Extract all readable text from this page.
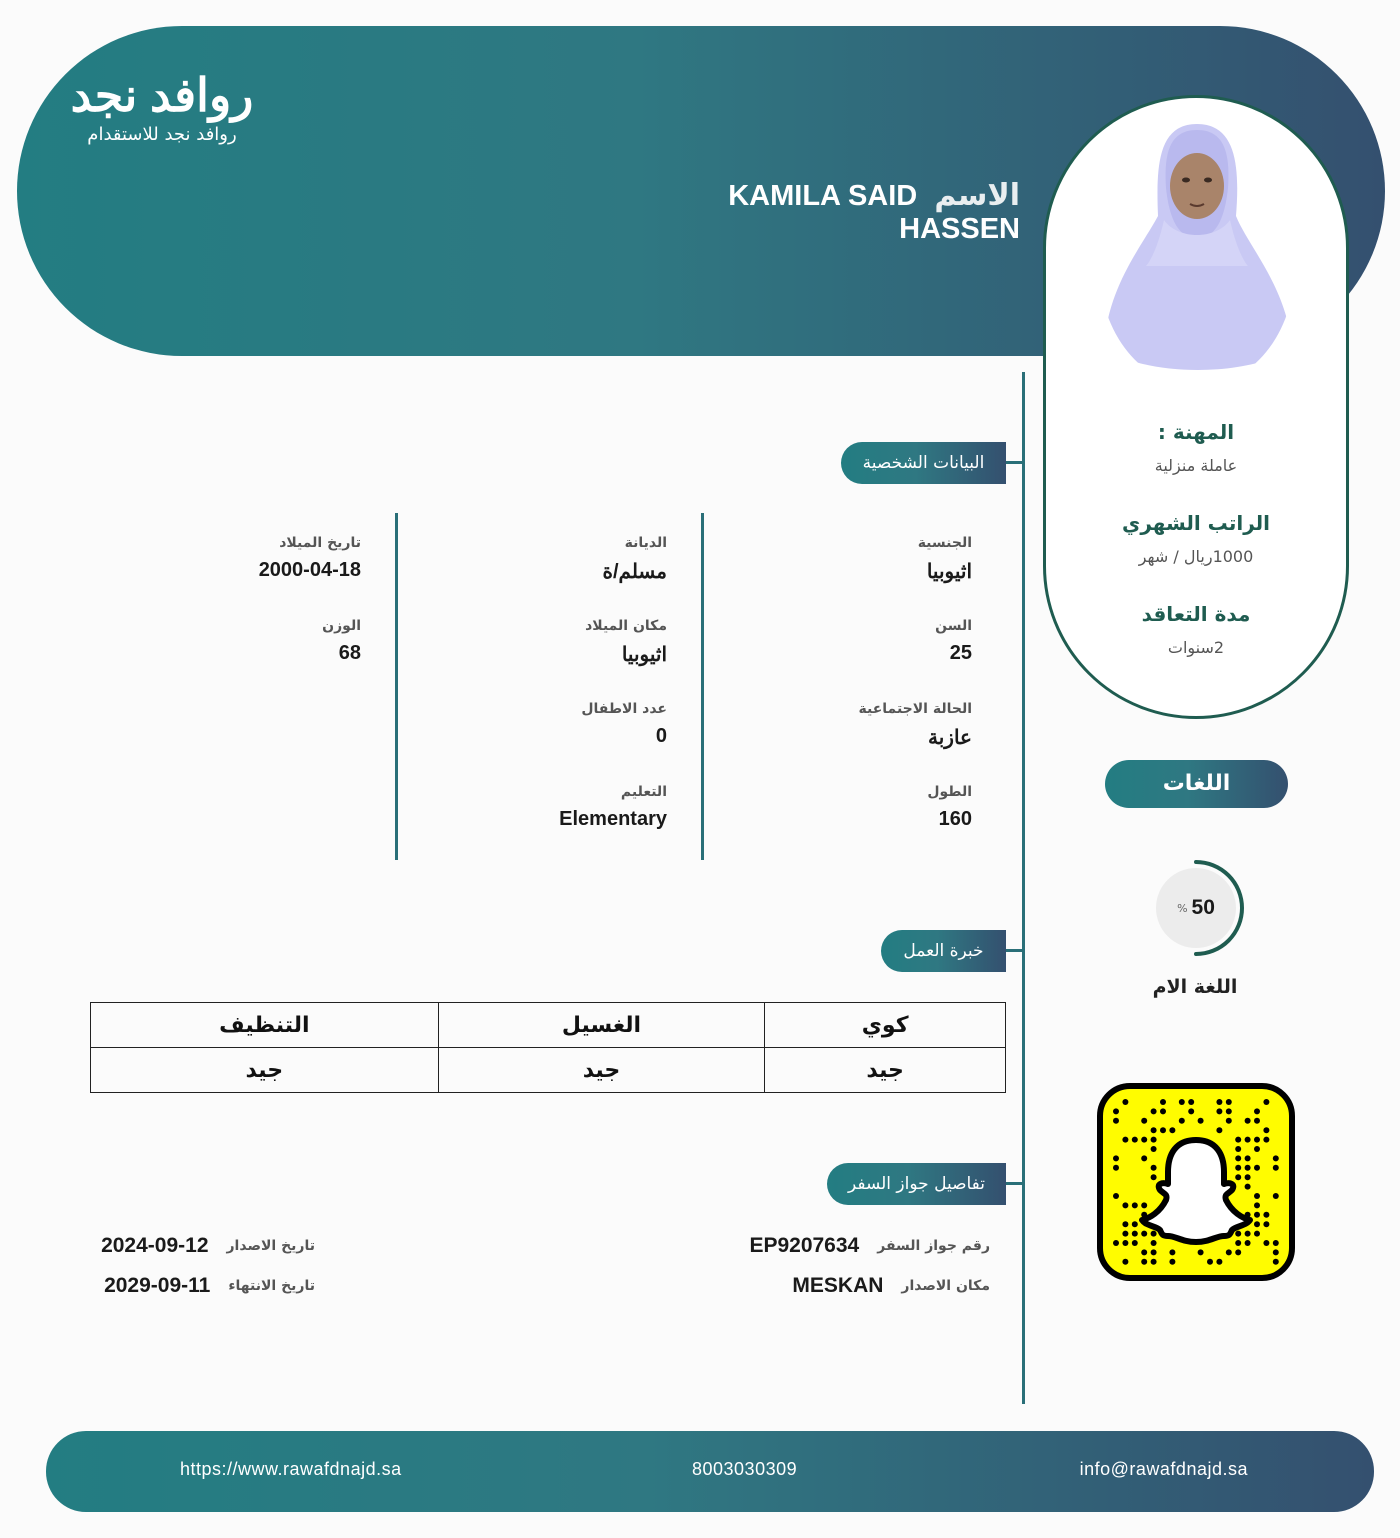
روافد نجد
روافد نجد للاستقدام
الاسم KAMILA SAID HASSEN
المهنة :
عاملة منزلية
الراتب الشهري
1000ريال / شهر
مدة التعاقد
2سنوات
البيانات الشخصية
الجنسية
اثيوبيا
السن
25
الحالة الاجتماعية
عازبة
الطول
160
الديانة
مسلم/ة
مكان الميلاد
اثيوبيا
عدد الاطفال
0
التعليم
Elementary
تاريخ الميلاد
2000-04-18
الوزن
68
خبرة العمل
كوي	الغسيل	التنظيف
جيد	جيد	جيد
تفاصيل جواز السفر
رقم جواز السفر
EP9207634
مكان الاصدار
MESKAN
تاريخ الاصدار
2024-09-12
تاريخ الانتهاء
2029-09-11
اللغات
% 50
اللغة الام
https://www.rawafdnajd.sa	8003030309	info@rawafdnajd.sa
